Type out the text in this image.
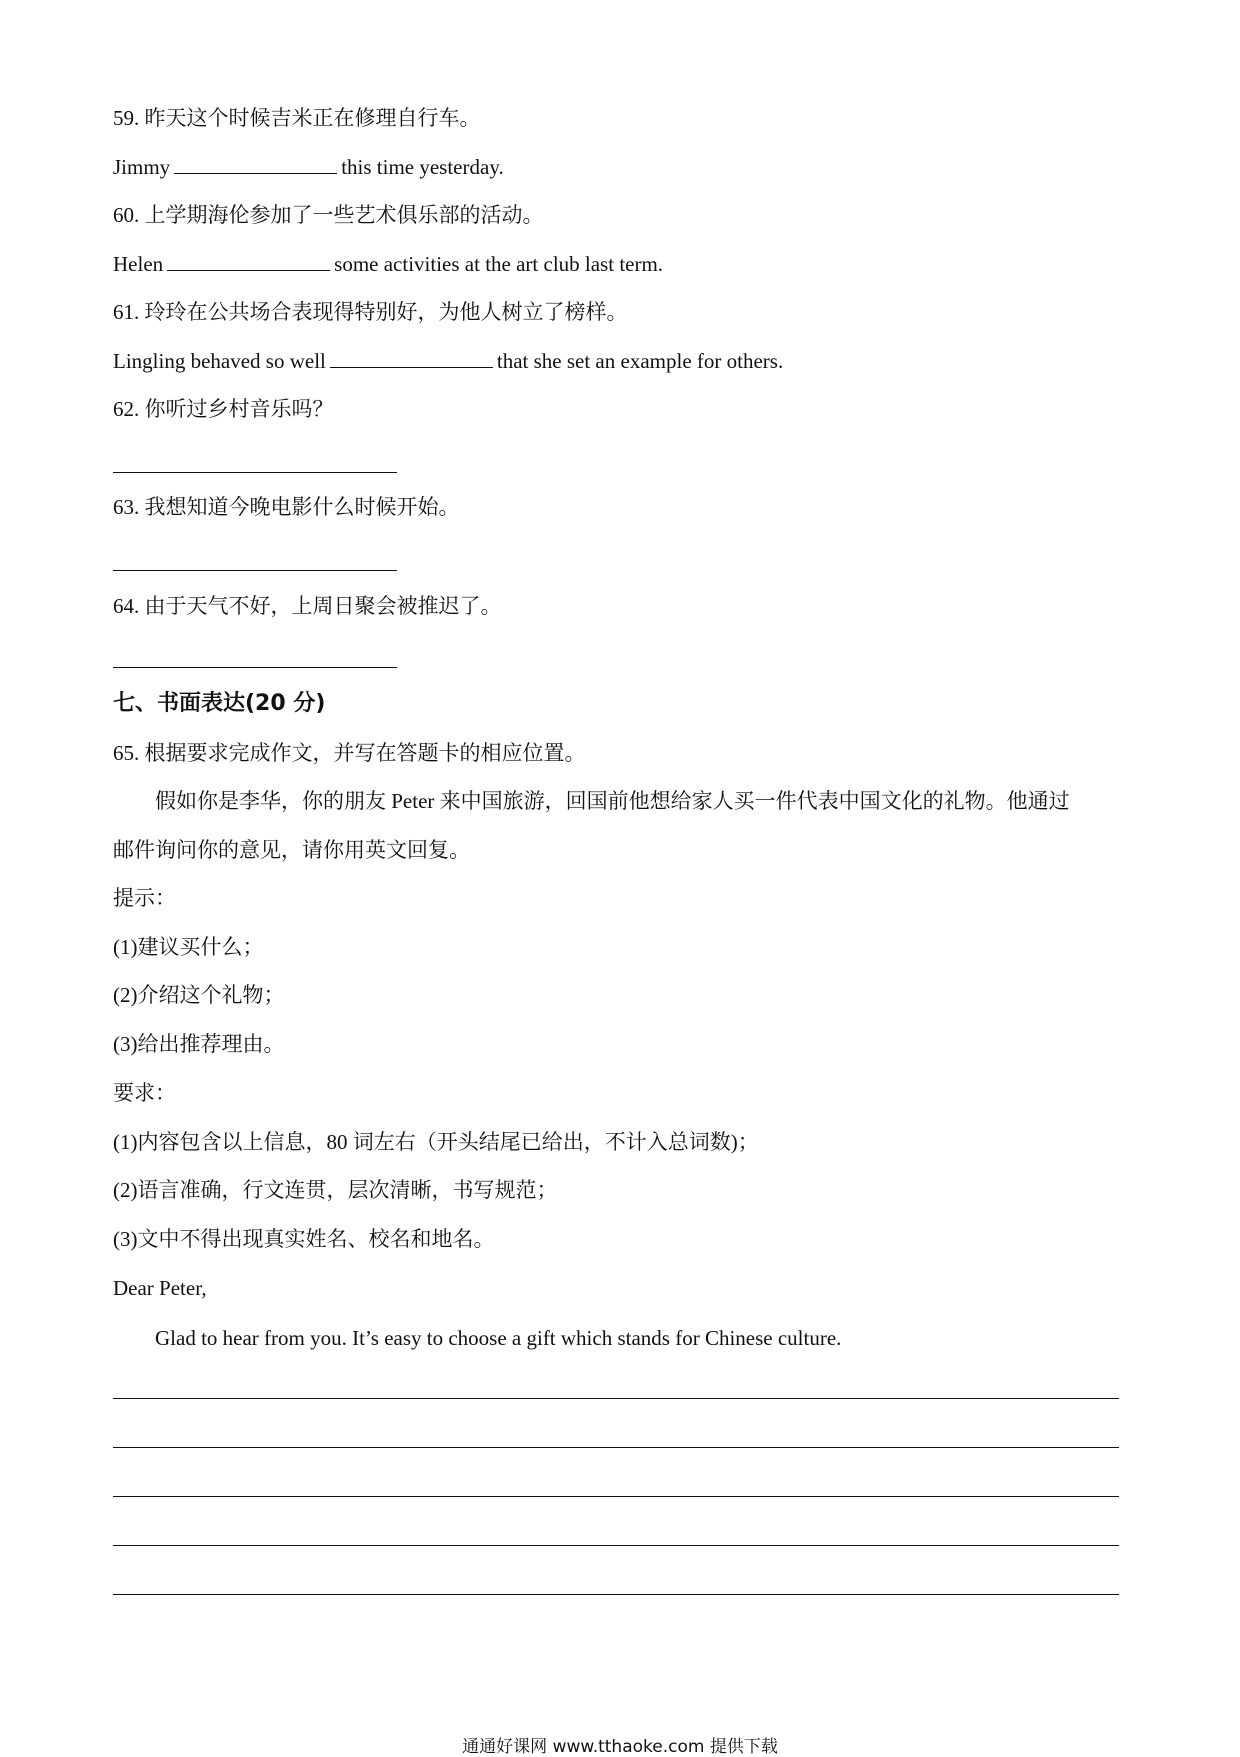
59. 昨天这个时候吉米正在修理自行车。
Jimmy	this time yesterday.
60. 上学期海伦参加了一些艺术俱乐部的活动。
Helen	some activities at the art club last term.
61. 玲玲在公共场合表现得特别好，为他人树立了榜样。
Lingling behaved so well	that she set an example for others.
62. 你听过乡村音乐吗？
63. 我想知道今晚电影什么时候开始。
64. 由于天气不好，上周日聚会被推迟了。
七、书面表达(20 分)
65. 根据要求完成作文，并写在答题卡的相应位置。
假如你是李华，你的朋友 Peter 来中国旅游，回国前他想给家人买一件代表中国文化的礼物。他通过
邮件询问你的意见，请你用英文回复。
提示：
(1)建议买什么；
(2)介绍这个礼物；
(3)给出推荐理由。
要求：
(1)内容包含以上信息，80 词左右（开头结尾已给出，不计入总词数)；
(2)语言准确，行文连贯，层次清晰，书写规范；
(3)文中不得出现真实姓名、校名和地名。
Dear Peter,
Glad to hear from you. It’s easy to choose a gift which stands for Chinese culture.
通通好课网 www.tthaoke.com 提供下载
